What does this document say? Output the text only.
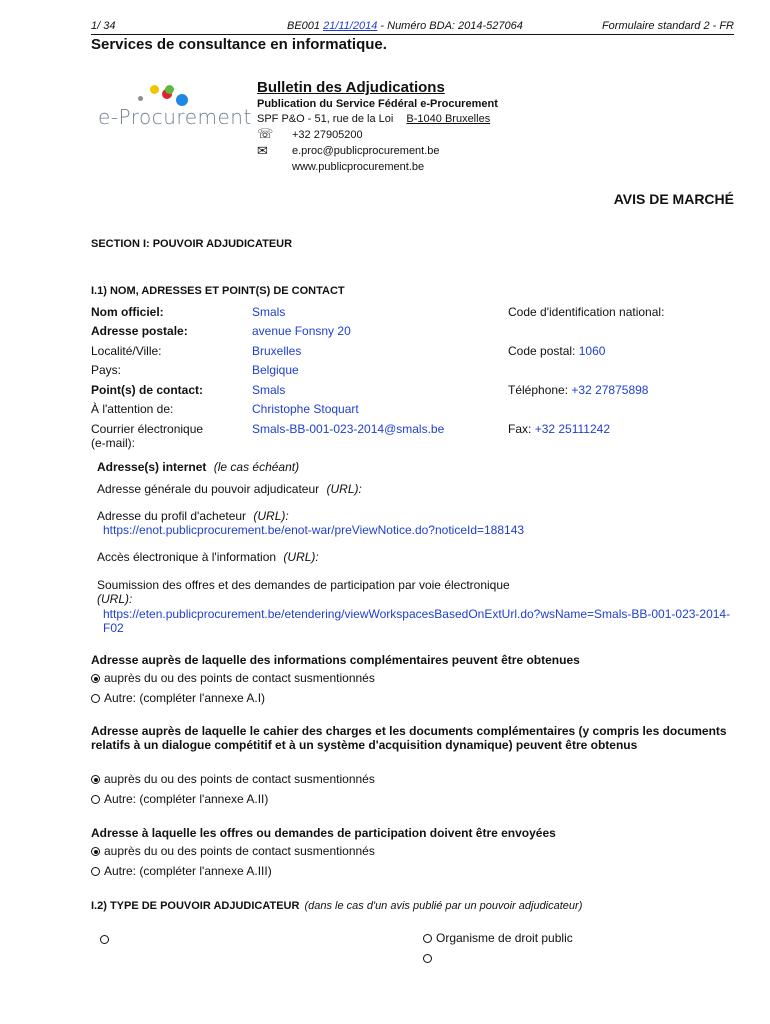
1/ 34	BE001 21/11/2014 - Numéro BDA: 2014-527064	Formulaire standard 2 - FR
Services de consultance en informatique.
e-Procurement
Bulletin des Adjudications
Publication du Service Fédéral e-Procurement
SPF P&O - 51, rue de la Loi B-1040 Bruxelles
☏ +32 27905200
✉ e.proc@publicprocurement.be
www.publicprocurement.be
AVIS DE MARCHÉ
SECTION I: POUVOIR ADJUDICATEUR
I.1) NOM, ADRESSES ET POINT(S) DE CONTACT
Nom officiel:	Smals	Code d'identification national:
Adresse postale:	avenue Fonsny 20
Localité/Ville:	Bruxelles	Code postal: 1060
Pays:	Belgique
Point(s) de contact:	Smals	Téléphone: +32 27875898
À l'attention de:	Christophe Stoquart
Courrier électronique
(e-mail):
Smals-BB-001-023-2014@smals.be	Fax: +32 25111242
Adresse(s) internet (le cas échéant)
Adresse générale du pouvoir adjudicateur (URL):
Adresse du profil d'acheteur (URL):
https://enot.publicprocurement.be/enot-war/preViewNotice.do?noticeId=188143
Accès électronique à l'information (URL):
Soumission des offres et des demandes de participation par voie électronique
(URL):
https://eten.publicprocurement.be/etendering/viewWorkspacesBasedOnExtUrl.do?wsName=Smals-BB-001-023-2014-F02
Adresse auprès de laquelle des informations complémentaires peuvent être obtenues
auprès du ou des points de contact susmentionnés
Autre: (compléter l'annexe A.I)
Adresse auprès de laquelle le cahier des charges et les documents complémentaires (y compris les documents relatifs à un dialogue compétitif et à un système d'acquisition dynamique) peuvent être obtenus
auprès du ou des points de contact susmentionnés
Autre: (compléter l'annexe A.II)
Adresse à laquelle les offres ou demandes de participation doivent être envoyées
auprès du ou des points de contact susmentionnés
Autre: (compléter l'annexe A.III)
I.2) TYPE DE POUVOIR ADJUDICATEUR (dans le cas d'un avis publié par un pouvoir adjudicateur)
Organisme de droit public
